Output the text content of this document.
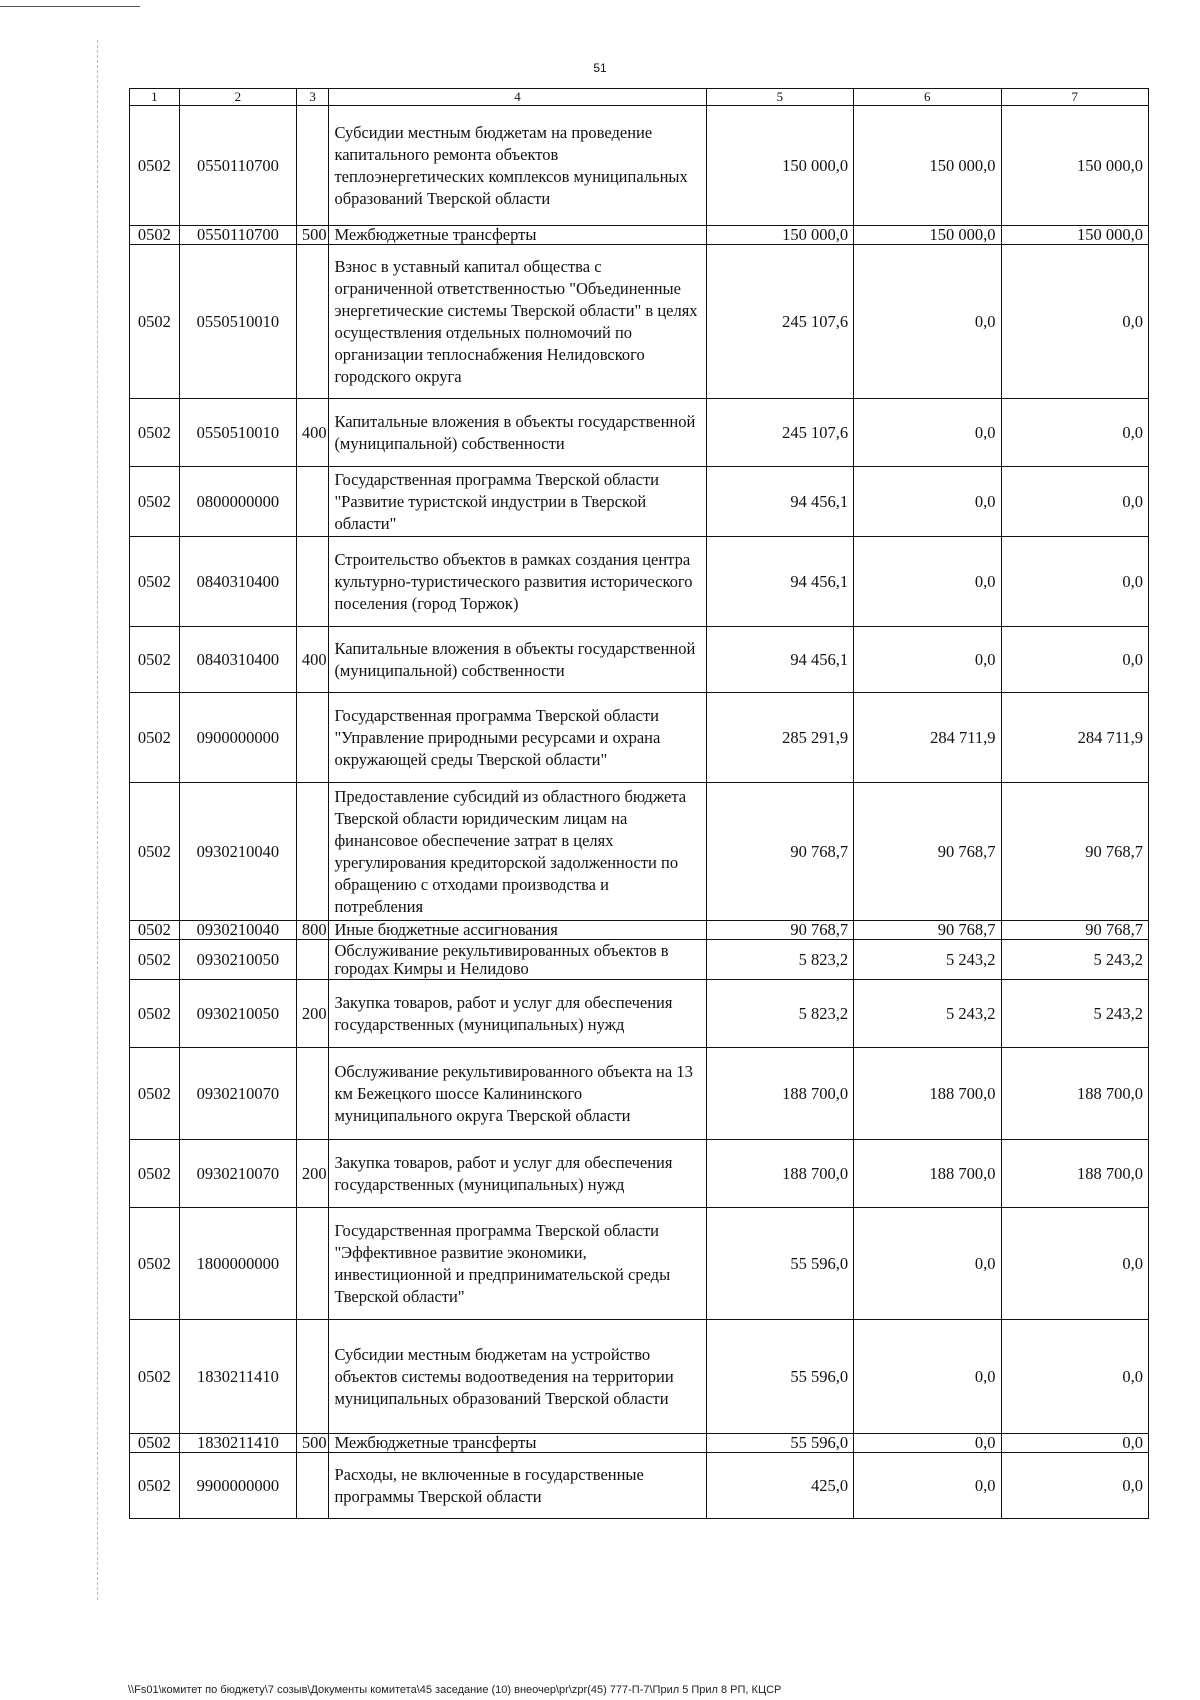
51
1	2	3	4	5	6	7
0502	0550110700		Субсидии местным бюджетам на проведение капитального ремонта объектов теплоэнергетических комплексов муниципальных образований Тверской области	150 000,0	150 000,0	150 000,0
0502	0550110700	500	Межбюджетные трансферты	150 000,0	150 000,0	150 000,0
0502	0550510010		Взнос в уставный капитал общества с ограниченной ответственностью "Объединенные энергетические системы Тверской области" в целях осуществления отдельных полномочий по организации теплоснабжения Нелидовского городского округа	245 107,6	0,0	0,0
0502	0550510010	400	Капитальные вложения в объекты государственной (муниципальной) собственности	245 107,6	0,0	0,0
0502	0800000000		Государственная программа Тверской области "Развитие туристской индустрии в Тверской области"	94 456,1	0,0	0,0
0502	0840310400		Строительство объектов в рамках создания центра культурно-туристического развития исторического поселения (город Торжок)	94 456,1	0,0	0,0
0502	0840310400	400	Капитальные вложения в объекты государственной (муниципальной) собственности	94 456,1	0,0	0,0
0502	0900000000		Государственная программа Тверской области "Управление природными ресурсами и охрана окружающей среды Тверской области"	285 291,9	284 711,9	284 711,9
0502	0930210040		Предоставление субсидий из областного бюджета Тверской области юридическим лицам на финансовое обеспечение затрат в целях урегулирования кредиторской задолженности по обращению с отходами производства и потребления	90 768,7	90 768,7	90 768,7
0502	0930210040	800	Иные бюджетные ассигнования	90 768,7	90 768,7	90 768,7
0502	0930210050		Обслуживание рекультивированных объектов в городах Кимры и Нелидово	5 823,2	5 243,2	5 243,2
0502	0930210050	200	Закупка товаров, работ и услуг для обеспечения государственных (муниципальных) нужд	5 823,2	5 243,2	5 243,2
0502	0930210070		Обслуживание рекультивированного объекта на 13 км Бежецкого шоссе Калининского муниципального округа Тверской области	188 700,0	188 700,0	188 700,0
0502	0930210070	200	Закупка товаров, работ и услуг для обеспечения государственных (муниципальных) нужд	188 700,0	188 700,0	188 700,0
0502	1800000000		Государственная программа Тверской области "Эффективное развитие экономики, инвестиционной и предпринимательской среды Тверской области"	55 596,0	0,0	0,0
0502	1830211410		Субсидии местным бюджетам на устройство объектов системы водоотведения на территории муниципальных образований Тверской области	55 596,0	0,0	0,0
0502	1830211410	500	Межбюджетные трансферты	55 596,0	0,0	0,0
0502	9900000000		Расходы, не включенные в государственные программы Тверской области	425,0	0,0	0,0
\\Fs01\комитет по бюджету\7 созыв\Документы комитета\45 заседание (10) внеочер\pr\zpr(45) 777-П-7\Прил 5 Прил 8 РП, КЦСР
